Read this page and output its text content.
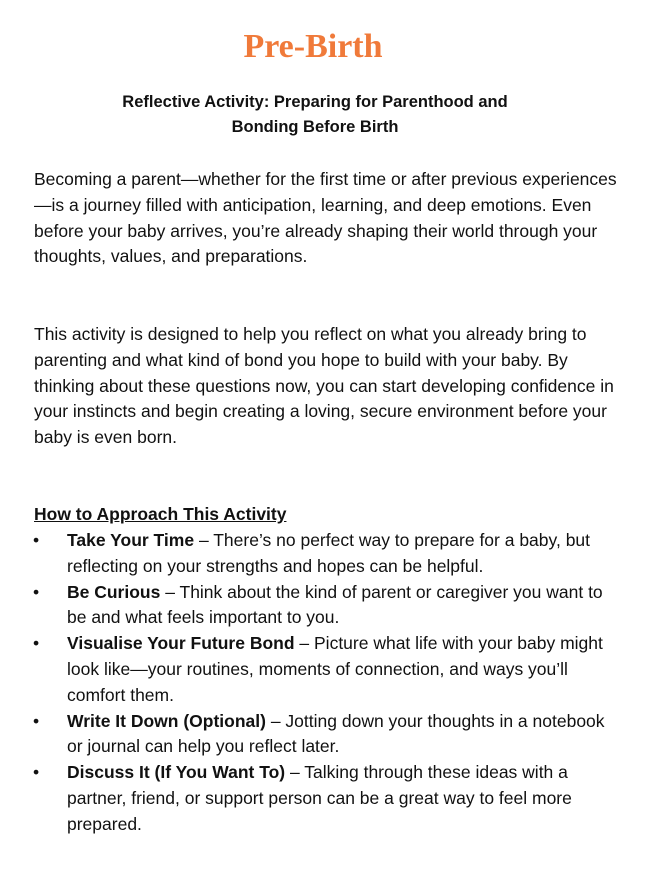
Pre-Birth
Reflective Activity: Preparing for Parenthood and
Bonding Before Birth

Becoming a parent—whether for the first time or after previous experiences—is a journey filled with anticipation, learning, and deep emotions. Even before your baby arrives, you’re already shaping their world through your thoughts, values, and preparations.

This activity is designed to help you reflect on what you already bring to parenting and what kind of bond you hope to build with your baby. By thinking about these questions now, you can start developing confidence in your instincts and begin creating a loving, secure environment before your baby is even born.

How to Approach This Activity
• Take Your Time – There’s no perfect way to prepare for a baby, but reflecting on your strengths and hopes can be helpful.
• Be Curious – Think about the kind of parent or caregiver you want to be and what feels important to you.
• Visualise Your Future Bond – Picture what life with your baby might look like—your routines, moments of connection, and ways you’ll comfort them.
• Write It Down (Optional) – Jotting down your thoughts in a notebook or journal can help you reflect later.
• Discuss It (If You Want To) – Talking through these ideas with a partner, friend, or support person can be a great way to feel more prepared.
